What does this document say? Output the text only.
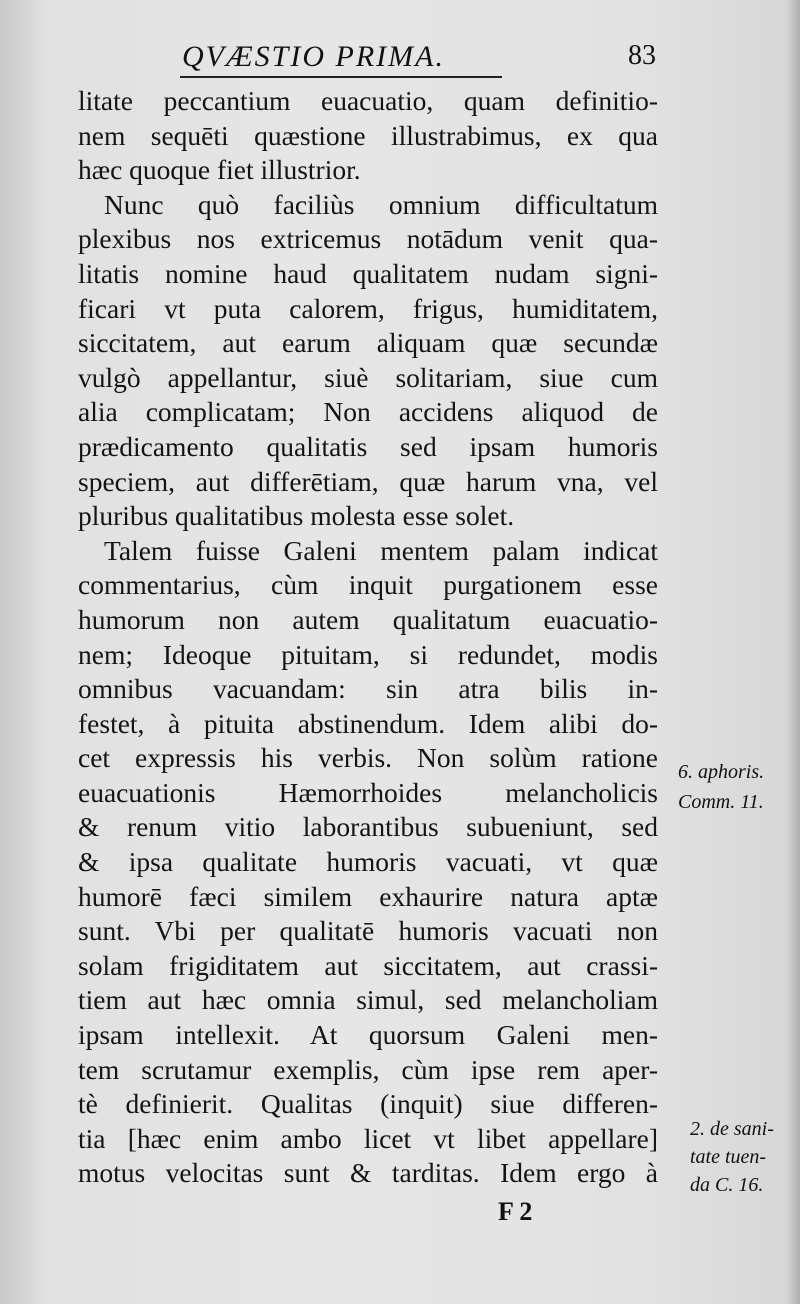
QVÆSTIO PRIMA.	83
litate peccantium euacuatio, quam definitio-
nem sequēti quæstione illustrabimus, ex qua
hæc quoque fiet illustrior.
Nunc quò faciliùs omnium difficultatum
plexibus nos extricemus notādum venit qua-
litatis nomine haud qualitatem nudam signi-
ficari vt puta calorem, frigus, humiditatem,
siccitatem, aut earum aliquam quæ secundæ
vulgò appellantur, siuè solitariam, siue cum
alia complicatam; Non accidens aliquod de
prædicamento qualitatis sed ipsam humoris
speciem, aut differētiam, quæ harum vna, vel
pluribus qualitatibus molesta esse solet.
Talem fuisse Galeni mentem palam indicat
commentarius, cùm inquit purgationem esse
humorum non autem qualitatum euacuatio-
nem; Ideoque pituitam, si redundet, modis
omnibus vacuandam: sin atra bilis in-
festet, à pituita abstinendum. Idem alibi do-
cet expressis his verbis. Non solùm ratione
euacuationis Hæmorrhoides melancholicis
& renum vitio laborantibus subueniunt, sed
& ipsa qualitate humoris vacuati, vt quæ
humorē fæci similem exhaurire natura aptæ
sunt. Vbi per qualitatē humoris vacuati non
solam frigiditatem aut siccitatem, aut crassi-
tiem aut hæc omnia simul, sed melancholiam
ipsam intellexit. At quorsum Galeni men-
tem scrutamur exemplis, cùm ipse rem aper-
tè definierit. Qualitas (inquit) siue differen-
tia [hæc enim ambo licet vt libet appellare]
motus velocitas sunt & tarditas. Idem ergo à
6. aphoris.
Comm. 11.
2. de sani-
tate tuen-
da C. 16.
F 2
